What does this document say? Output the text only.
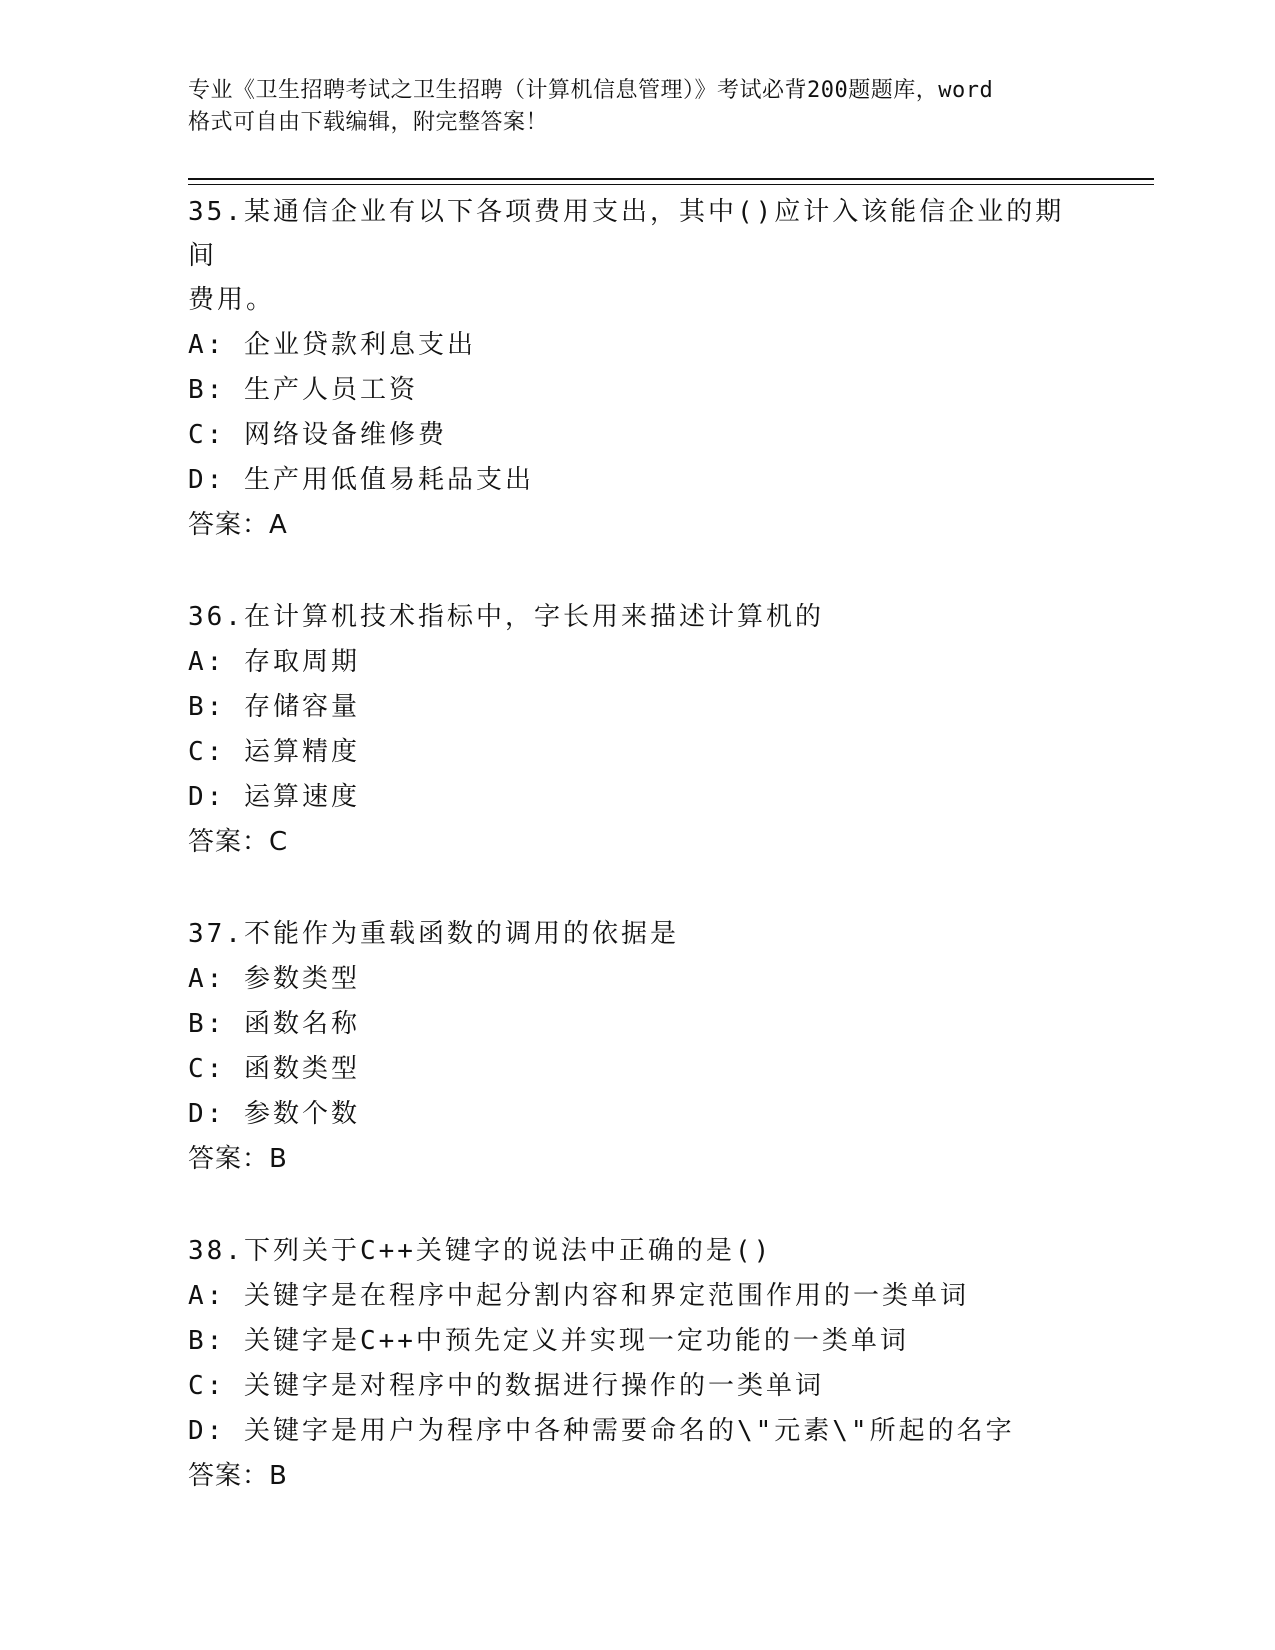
专业《卫生招聘考试之卫生招聘（计算机信息管理）》考试必背200题题库，word
格式可自由下载编辑，附完整答案！
35.某通信企业有以下各项费用支出，其中()应计入该能信企业的期间
费用。
A: 企业贷款利息支出
B: 生产人员工资
C: 网络设备维修费
D: 生产用低值易耗品支出
答案：A
36.在计算机技术指标中，字长用来描述计算机的
A: 存取周期
B: 存储容量
C: 运算精度
D: 运算速度
答案：C
37.不能作为重载函数的调用的依据是
A: 参数类型
B: 函数名称
C: 函数类型
D: 参数个数
答案：B
38.下列关于C++关键字的说法中正确的是()
A: 关键字是在程序中起分割内容和界定范围作用的一类单词
B: 关键字是C++中预先定义并实现一定功能的一类单词
C: 关键字是对程序中的数据进行操作的一类单词
D: 关键字是用户为程序中各种需要命名的\"元素\"所起的名字
答案：B
